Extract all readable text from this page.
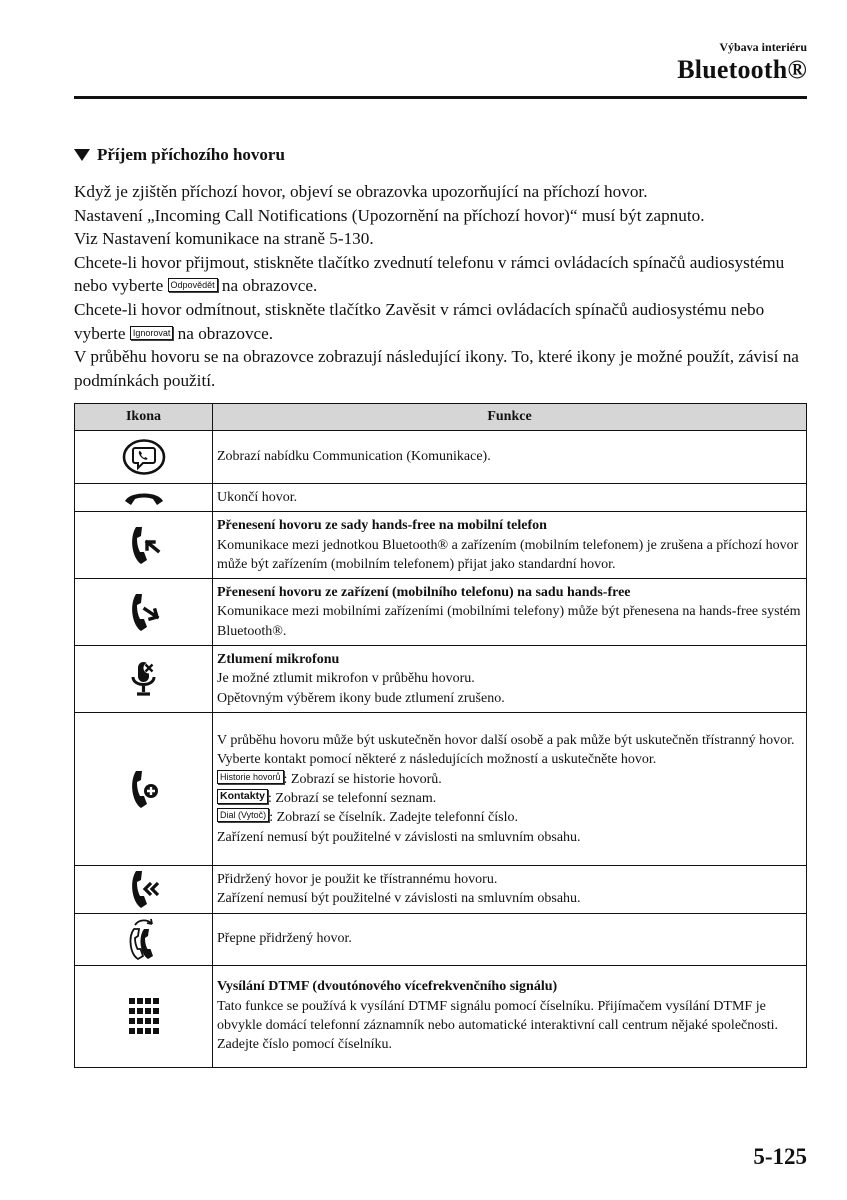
Výbava interiéru
Bluetooth®
Příjem příchozího hovoru

Když je zjištěn příchozí hovor, objeví se obrazovka upozorňující na příchozí hovor.

Nastavení „Incoming Call Notifications (Upozornění na příchozí hovor)“ musí být zapnuto.

Viz Nastavení komunikace na straně 5-130.

Chcete-li hovor přijmout, stiskněte tlačítko zvednutí telefonu v rámci ovládacích spínačů audiosystému nebo vyberte Odpovědět na obrazovce.

Chcete-li hovor odmítnout, stiskněte tlačítko Zavěsit v rámci ovládacích spínačů audiosystému nebo vyberte Ignorovat na obrazovce.

V průběhu hovoru se na obrazovce zobrazují následující ikony. To, které ikony je možné použít, závisí na podmínkách použití.

Ikona	Funkce

	Zobrazí nabídku Communication (Komunikace).

	Ukončí hovor.

Přenesení hovoru ze sady hands-free na mobilní telefon
Komunikace mezi jednotkou Bluetooth® a zařízením (mobilním telefonem) je zrušena a příchozí hovor může být zařízením (mobilním telefonem) přijat jako standardní hovor.

Přenesení hovoru ze zařízení (mobilního telefonu) na sadu hands-free
Komunikace mezi mobilními zařízeními (mobilními telefony) může být přenesena na hands-free systém Bluetooth®.

Ztlumení mikrofonu
Je možné ztlumit mikrofon v průběhu hovoru.
Opětovným výběrem ikony bude ztlumení zrušeno.

V průběhu hovoru může být uskutečněn hovor další osobě a pak může být uskutečněn třístranný hovor. Vyberte kontakt pomocí některé z následujících možností a uskutečněte hovor.
Historie hovorů : Zobrazí se historie hovorů.
Kontakty : Zobrazí se telefonní seznam.
Dial (Vytoč) : Zobrazí se číselník. Zadejte telefonní číslo.
Zařízení nemusí být použitelné v závislosti na smluvním obsahu.

Přidržený hovor je použit ke třístrannému hovoru.
Zařízení nemusí být použitelné v závislosti na smluvním obsahu.

	Přepne přidržený hovor.

Vysílání DTMF (dvoutónového vícefrekvenčního signálu)
Tato funkce se používá k vysílání DTMF signálu pomocí číselníku. Přijímačem vysílání DTMF je obvykle domácí telefonní záznamník nebo automatické interaktivní call centrum nějaké společnosti.
Zadejte číslo pomocí číselníku.
5-125
